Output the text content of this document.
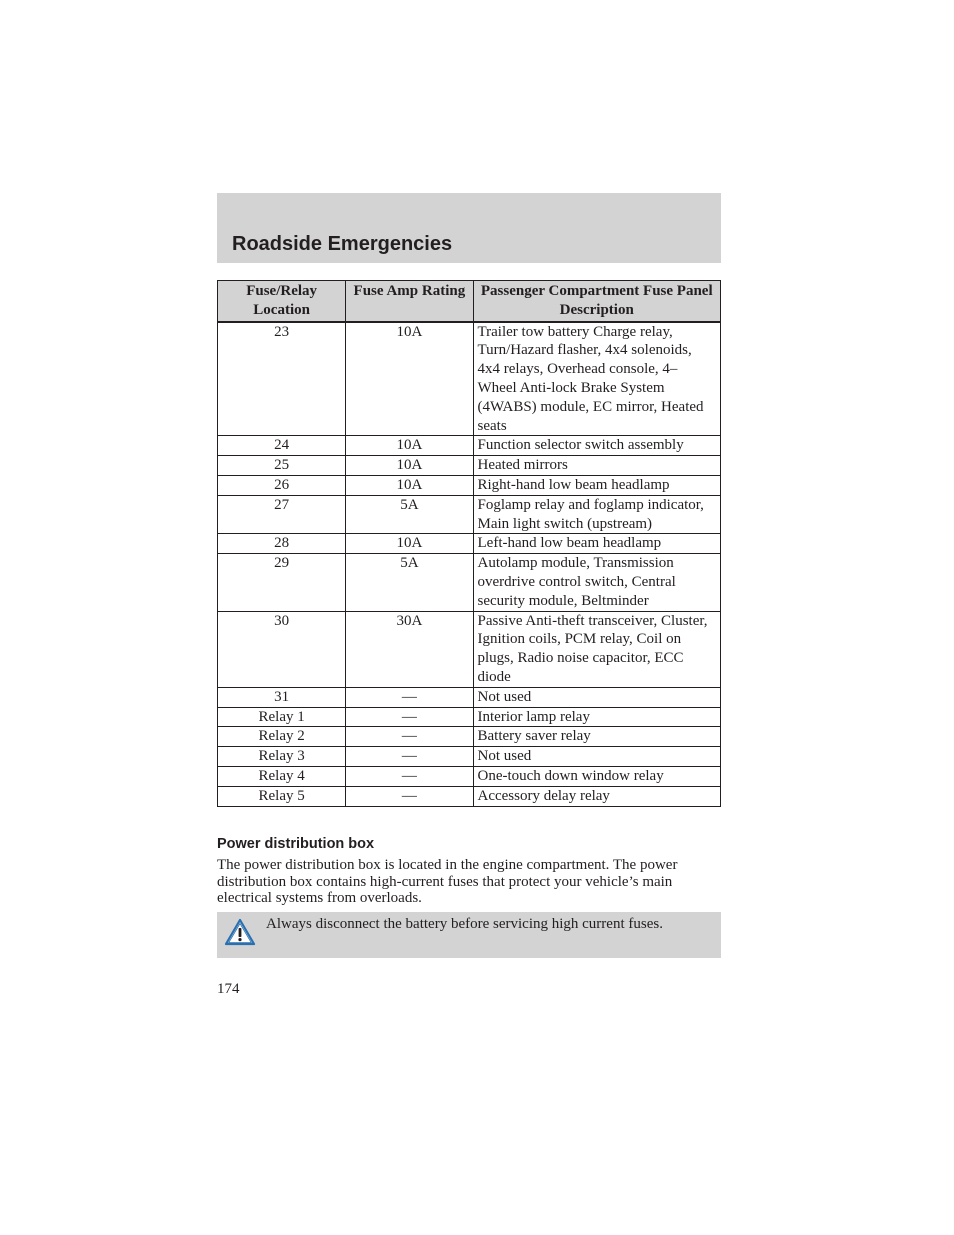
Roadside Emergencies
Fuse/Relay Location	Fuse Amp Rating	Passenger Compartment Fuse Panel Description
23	10A	Trailer tow battery Charge relay, Turn/Hazard flasher, 4x4 solenoids, 4x4 relays, Overhead console, 4–Wheel Anti-lock Brake System (4WABS) module, EC mirror, Heated seats
24	10A	Function selector switch assembly
25	10A	Heated mirrors
26	10A	Right-hand low beam headlamp
27	5A	Foglamp relay and foglamp indicator, Main light switch (upstream)
28	10A	Left-hand low beam headlamp
29	5A	Autolamp module, Transmission overdrive control switch, Central security module, Beltminder
30	30A	Passive Anti-theft transceiver, Cluster, Ignition coils, PCM relay, Coil on plugs, Radio noise capacitor, ECC diode
31	—	Not used
Relay 1	—	Interior lamp relay
Relay 2	—	Battery saver relay
Relay 3	—	Not used
Relay 4	—	One-touch down window relay
Relay 5	—	Accessory delay relay
Power distribution box

The power distribution box is located in the engine compartment. The power distribution box contains high-current fuses that protect your vehicle’s main electrical systems from overloads.

Always disconnect the battery before servicing high current fuses.

174
